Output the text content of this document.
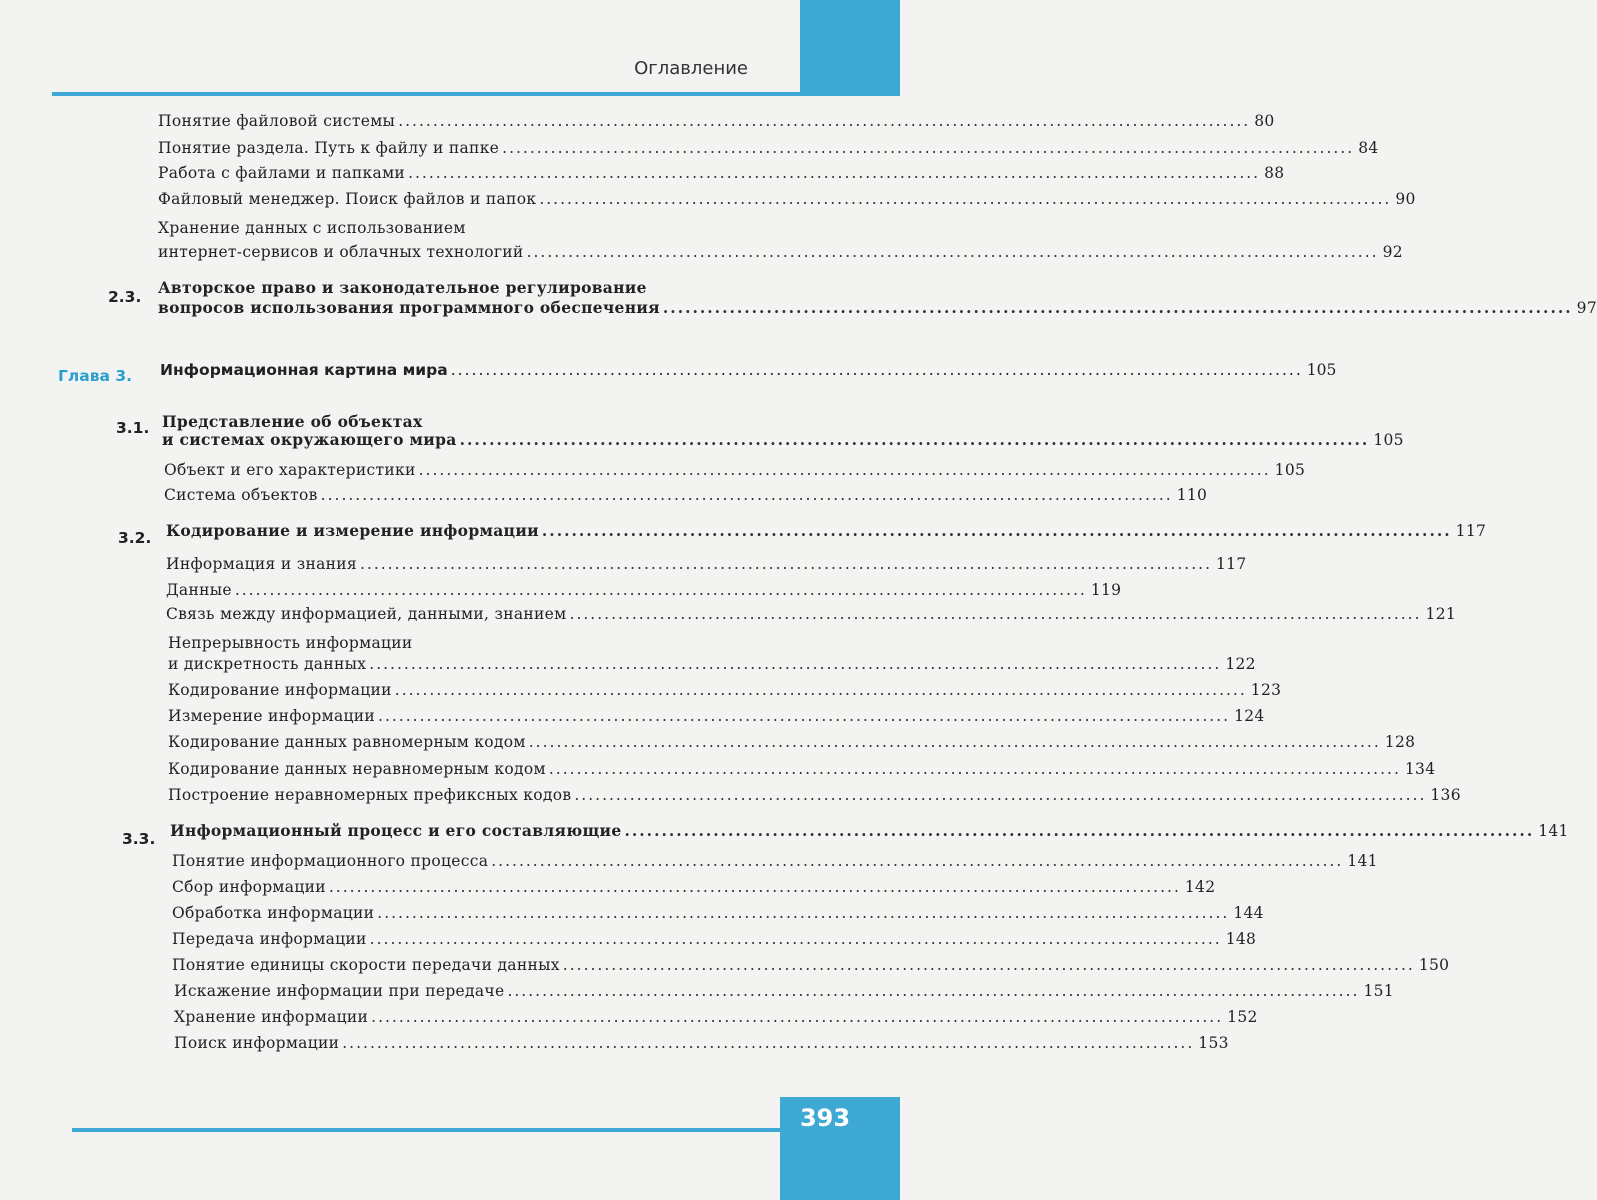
Оглавление
Понятие файловой системы ........................................................................................................................... 80
Понятие раздела. Путь к файлу и папке ........................................................................................................................... 84
Работа с файлами и папками ........................................................................................................................... 88
Файловый менеджер. Поиск файлов и папок ........................................................................................................................... 90
Хранение данных с использованием
интернет-сервисов и облачных технологий ........................................................................................................................... 92
2.3. Авторское право и законодательное регулирование
вопросов использования программного обеспечения ........................................................................................................................... 97
Глава 3. Информационная картина мира ........................................................................................................................... 105
3.1. Представление об объектах
и системах окружающего мира ........................................................................................................................... 105
Объект и его характеристики ........................................................................................................................... 105
Система объектов ........................................................................................................................... 110
3.2. Кодирование и измерение информации ........................................................................................................................... 117
Информация и знания ........................................................................................................................... 117
Данные ........................................................................................................................... 119
Связь между информацией, данными, знанием ........................................................................................................................... 121
Непрерывность информации
и дискретность данных ........................................................................................................................... 122
Кодирование информации ........................................................................................................................... 123
Измерение информации ........................................................................................................................... 124
Кодирование данных равномерным кодом ........................................................................................................................... 128
Кодирование данных неравномерным кодом ........................................................................................................................... 134
Построение неравномерных префиксных кодов ........................................................................................................................... 136
3.3. Информационный процесс и его составляющие ........................................................................................................................... 141
Понятие информационного процесса ........................................................................................................................... 141
Сбор информации ........................................................................................................................... 142
Обработка информации ........................................................................................................................... 144
Передача информации ........................................................................................................................... 148
Понятие единицы скорости передачи данных ........................................................................................................................... 150
Искажение информации при передаче ........................................................................................................................... 151
Хранение информации ........................................................................................................................... 152
Поиск информации ........................................................................................................................... 153
393
